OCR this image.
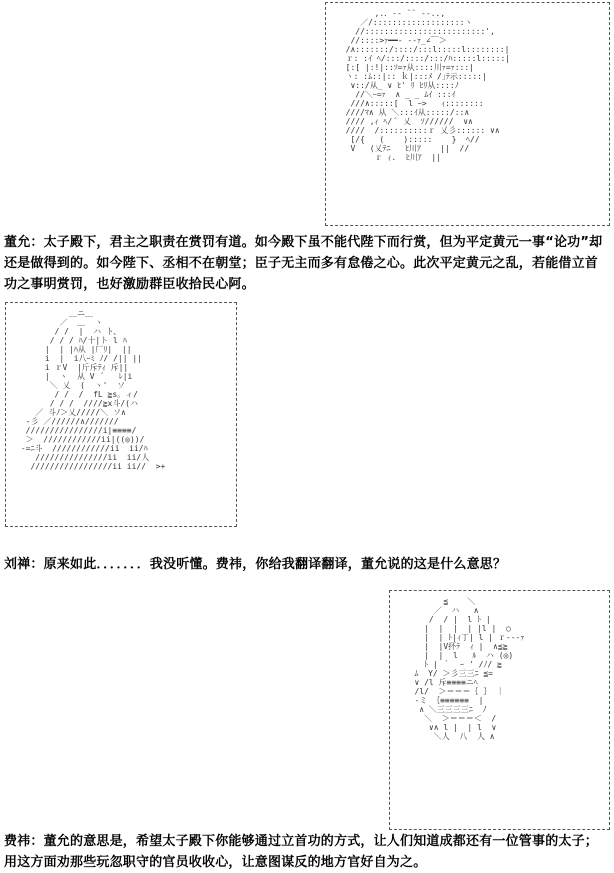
,.．-‐ ¨¨ ‐-..,
／/:::::::::::::::::::ヽ
//:::::::::::::::::::::::::',
//::::>ｧ━━‐ ‐-ｧ_∠￣＞
/∧:::::::/::::/:::l:::::l::::::::|
ｒ: :ｲ ﾍ/:::/::::/:::/ﾊ:::::l:::::|
[:[ |:!|::ｿ=ｧ从::::川ｧ=ｧ:::|
ヽ: :ﾑ::|:: ｋ|:::ﾒ /｣ﾃ示:::::|
∨::/从_ ∨ ﾋ' ﾘ ﾋﾘ从::::ﾉ
//＼ｰ=ｧ  ∧ _ _ ﾑｲ :::ｲ
///∧:::::[  l ｰ>   ｨ::::::::
////ﾏ∧ 从 ＼:::ｲ从:::::/::∧
//// ,ｨ ﾍ/ ﾟ 乂  ｿ//////  ∨∧
////  /::::::::::ｒ 乂彡:::::: ∨∧
[/{   (    ):::::    }  ﾍ//
V   (乂ﾃﾆ   ﾋ川ｱ    ||  //
ｒ ｨ.  ﾋ川ｱ  ||
董允：太子殿下，君主之职责在赏罚有道。如今殿下虽不能代陛下而行赏，但为平定黄元一事“论功”却还是做得到的。如今陛下、丞相不在朝堂；臣子无主而多有怠倦之心。此次平定黄元之乱，若能借立首功之事明赏罚，也好激励群臣收拾民心阿。
＿ニ＿
／  ＿  ヽ
/ /  |  ハ ト、
/ / / ﾊ/十|ト l ﾊ
|  | |ﾊ从 |厂ﾘ|  ||
i  |  i八ｰﾐ ﾉ/ /|| ||
i ｒV  |斤斥ﾃｨ 斥||
|  ヽ  从 V ´   ﾚ|i
＼ 乂  (  ヽ'  ソ
/ /  /  fL ≧s。ィ/
/ / /  ////≧x斗/(ハ
／ 斗ﾉ＞乂/////＼ ソ∧
-彡 ／//////∧///////
////////////////i|≡≡≡≡/
＞  ////////////ii|((◎))/
-=ﾆ斗  ////////////ii  ii/ﾊ
///////////////ii  ii/人
/////////////////ii ii//  >+
刘禅：原来如此．．．．．．．我没听懂。费祎，你给我翻译翻译，董允说的这是什么意思？
≦    ＼
／  ハ   ∧
/  / |  l ﾄ |
|  |  |  | |l |  ○
|  | ﾄ|ｨ丁| l | ｒ‐‐‐ｧ
|  |V抔ﾃ  ｨ |  ∧≦≧
|  |  l   ﾙ  ハ (◎)
ﾄ | ｀  ｰ ' /ﾉ/ ≧
ﾑ  Y/ ＞彡三三ﾆ ≦=
∨ /l 斥≡≡≡≡ニﾍ
/l/  ＞＝＝＝｛ ｝ ｜
‐ミ ｛≡≡≡≡≡≡  |
∧ ＼三三三三ﾆ  ﾉ
＼  ＞＝＝＝＜  /
∨∧ l |  | l  ∨
＼人  八  人 ∧
费祎：董允的意思是，希望太子殿下你能够通过立首功的方式，让人们知道成都还有一位管事的太子；用这方面劝那些玩忽职守的官员收收心，让意图谋反的地方官好自为之。
